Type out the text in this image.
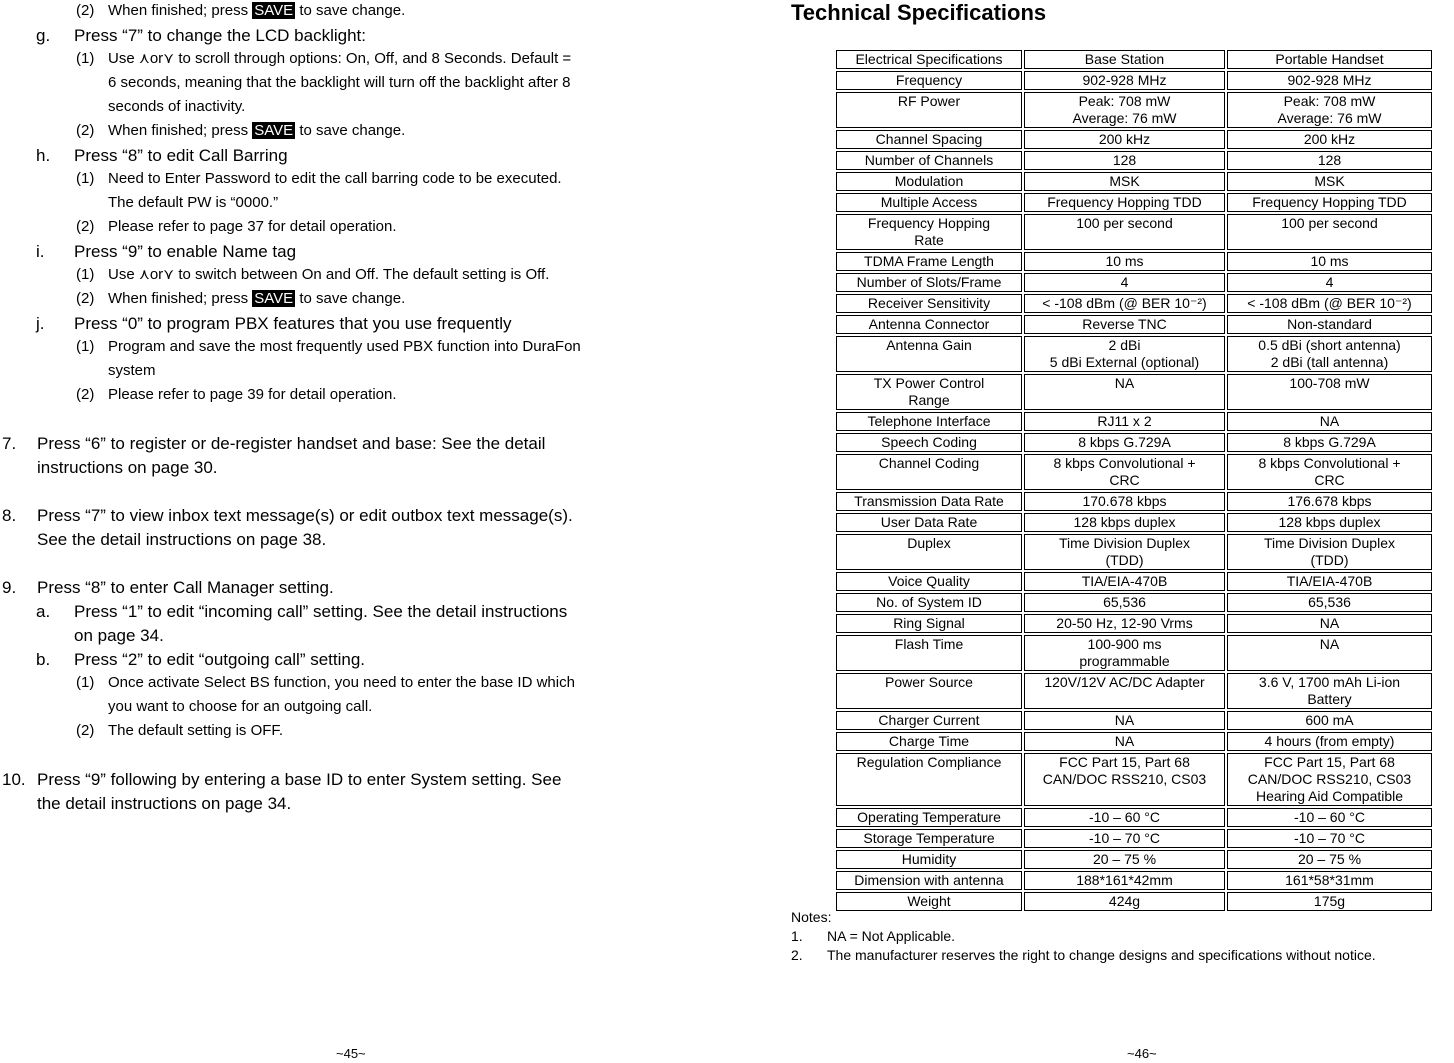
(2) When finished; press SAVE to save change.
g. Press “7” to change the LCD backlight:
(1) Use ⋏or⋎ to scroll through options: On, Off, and 8 Seconds. Default =
6 seconds, meaning that the backlight will turn off the backlight after 8
seconds of inactivity.
(2) When finished; press SAVE to save change.
h. Press “8” to edit Call Barring
(1) Need to Enter Password to edit the call barring code to be executed.
The default PW is “0000.”
(2) Please refer to page 37 for detail operation.
i. Press “9” to enable Name tag
(1) Use ⋏or⋎ to switch between On and Off. The default setting is Off.
(2) When finished; press SAVE to save change.
j. Press “0” to program PBX features that you use frequently
(1) Program and save the most frequently used PBX function into DuraFon
system
(2) Please refer to page 39 for detail operation.
7. Press “6” to register or de-register handset and base: See the detail
instructions on page 30.
8. Press “7” to view inbox text message(s) or edit outbox text message(s).
See the detail instructions on page 38.
9. Press “8” to enter Call Manager setting.
a. Press “1” to edit “incoming call” setting. See the detail instructions
on page 34.
b. Press “2” to edit “outgoing call” setting.
(1) Once activate Select BS function, you need to enter the base ID which
you want to choose for an outgoing call.
(2) The default setting is OFF.
10. Press “9” following by entering a base ID to enter System setting. See
the detail instructions on page 34.
~45~
Technical Specifications
Electrical Specifications	Base Station	Portable Handset

Frequency	902-928 MHz	902-928 MHz

RF Power	Peak: 708 mW
Average: 76 mW	Peak: 708 mW
Average: 76 mW

Channel Spacing	200 kHz	200 kHz

Number of Channels	128	128

Modulation	MSK	MSK

Multiple Access	Frequency Hopping TDD	Frequency Hopping TDD

Frequency Hopping
Rate	100 per second	100 per second

TDMA Frame Length	10 ms	10 ms

Number of Slots/Frame	4	4

Receiver Sensitivity	< -108 dBm (@ BER 10⁻²)	< -108 dBm (@ BER 10⁻²)

Antenna Connector	Reverse TNC	Non-standard

Antenna Gain	2 dBi
5 dBi External (optional)	0.5 dBi (short antenna)
2 dBi (tall antenna)

TX Power Control
Range	NA	100-708 mW

Telephone Interface	RJ11 x 2	NA

Speech Coding	8 kbps G.729A	8 kbps G.729A

Channel Coding	8 kbps Convolutional +
CRC	8 kbps Convolutional +
CRC

Transmission Data Rate	170.678 kbps	176.678 kbps

User Data Rate	128 kbps duplex	128 kbps duplex

Duplex	Time Division Duplex
(TDD)	Time Division Duplex
(TDD)

Voice Quality	TIA/EIA-470B	TIA/EIA-470B

No. of System ID	65,536	65,536

Ring Signal	20-50 Hz, 12-90 Vrms	NA

Flash Time	100-900 ms
programmable	NA

Power Source	120V/12V AC/DC Adapter	3.6 V, 1700 mAh Li-ion
Battery

Charger Current	NA	600 mA

Charge Time	NA	4 hours (from empty)

Regulation Compliance	FCC Part 15, Part 68
CAN/DOC RSS210, CS03	FCC Part 15, Part 68
CAN/DOC RSS210, CS03
Hearing Aid Compatible

Operating Temperature	-10 – 60 °C	-10 – 60 °C

Storage Temperature	-10 – 70 °C	-10 – 70 °C

Humidity	20 – 75 %	20 – 75 %

Dimension with antenna	188*161*42mm	161*58*31mm

Weight	424g	175g
Notes:
1. NA = Not Applicable.
2. The manufacturer reserves the right to change designs and specifications without notice.
~46~
